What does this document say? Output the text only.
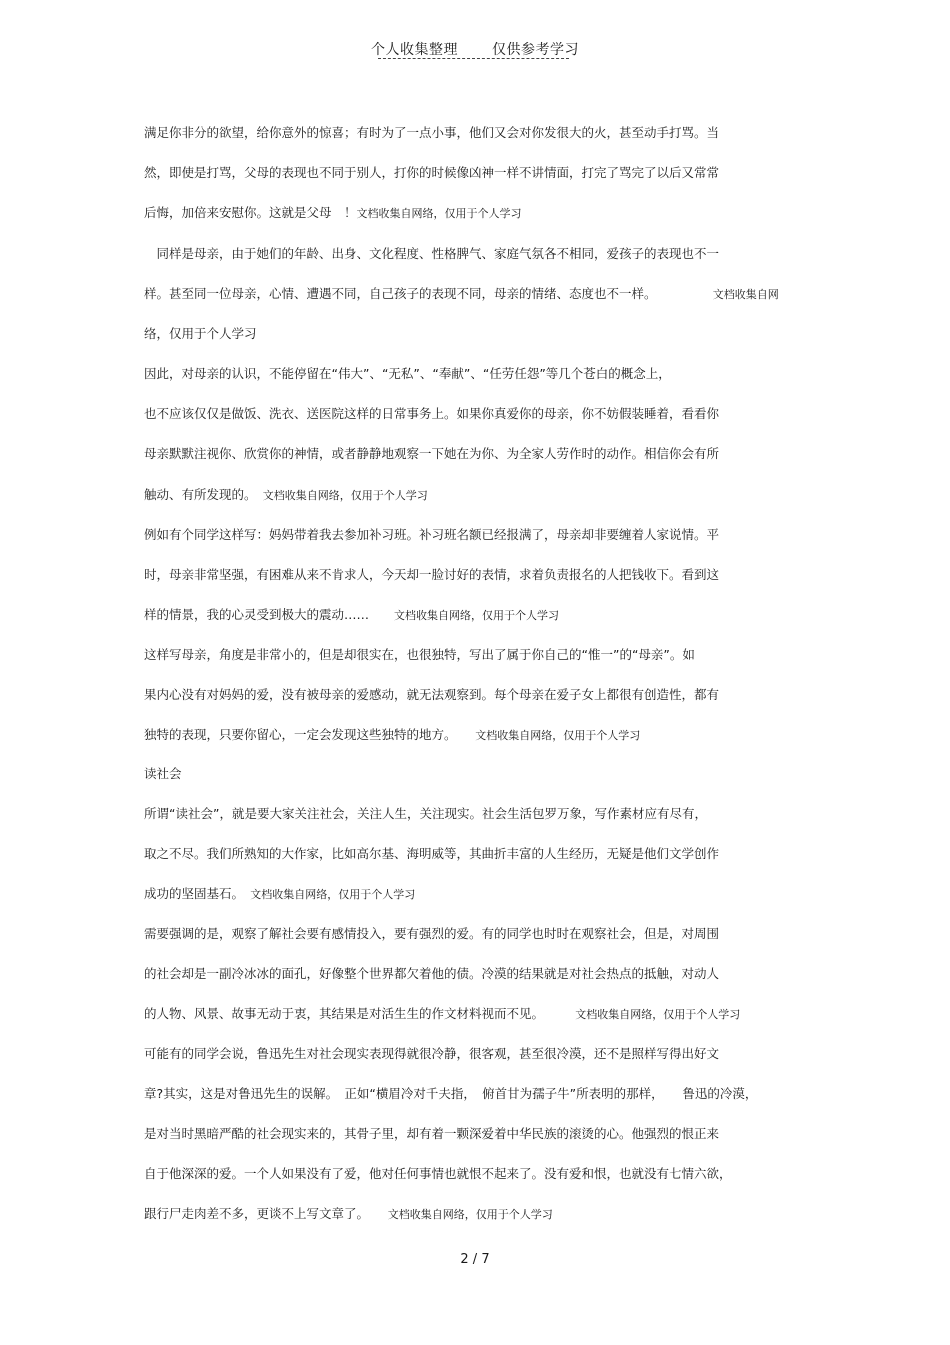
个人收集整理 仅供参考学习
满足你非分的欲望，给你意外的惊喜；有时为了一点小事，他们又会对你发很大的火，甚至动手打骂。当
然，即使是打骂，父母的表现也不同于别人，打你的时候像凶神一样不讲情面，打完了骂完了以后又常常
后悔，加倍来安慰你。这就是父母　！文档收集自网络，仅用于个人学习
　同样是母亲，由于她们的年龄、出身、文化程度、性格脾气、家庭气氛各不相同，爱孩子的表现也不一
样。甚至同一位母亲，心情、遭遇不同，自己孩子的表现不同，母亲的情绪、态度也不一样。　　　　　文档收集自网
络，仅用于个人学习
因此，对母亲的认识，不能停留在“伟大”、“无私”、“奉献”、“任劳任怨”等几个苍白的概念上，
也不应该仅仅是做饭、洗衣、送医院这样的日常事务上。如果你真爱你的母亲，你不妨假装睡着，看看你
母亲默默注视你、欣赏你的神情，或者静静地观察一下她在为你、为全家人劳作时的动作。相信你会有所
触动、有所发现的。　文档收集自网络，仅用于个人学习
例如有个同学这样写：妈妈带着我去参加补习班。补习班名额已经报满了，母亲却非要缠着人家说情。平
时，母亲非常坚强，有困难从来不肯求人，今天却一脸讨好的表情，求着负责报名的人把钱收下。看到这
样的情景，我的心灵受到极大的震动……　　文档收集自网络，仅用于个人学习
这样写母亲，角度是非常小的，但是却很实在，也很独特，写出了属于你自己的“惟一”的“母亲”。如
果内心没有对妈妈的爱，没有被母亲的爱感动，就无法观察到。每个母亲在爱子女上都很有创造性，都有
独特的表现，只要你留心，一定会发现这些独特的地方。　　文档收集自网络，仅用于个人学习
读社会
所谓“读社会”，就是要大家关注社会，关注人生，关注现实。社会生活包罗万象，写作素材应有尽有，
取之不尽。我们所熟知的大作家，比如高尔基、海明威等，其曲折丰富的人生经历，无疑是他们文学创作
成功的坚固基石。　文档收集自网络，仅用于个人学习
需要强调的是，观察了解社会要有感情投入，要有强烈的爱。有的同学也时时在观察社会，但是，对周围
的社会却是一副冷冰冰的面孔，好像整个世界都欠着他的债。冷漠的结果就是对社会热点的抵触，对动人
的人物、风景、故事无动于衷，其结果是对活生生的作文材料视而不见。　　　文档收集自网络，仅用于个人学习
可能有的同学会说，鲁迅先生对社会现实表现得就很冷静，很客观，甚至很冷漠，还不是照样写得出好文
章?其实，这是对鲁迅先生的误解。　正如“横眉冷对千夫指，　俯首甘为孺子牛”所表明的那样，　　鲁迅的冷漠，
是对当时黑暗严酷的社会现实来的，其骨子里，却有着一颗深爱着中华民族的滚烫的心。他强烈的恨正来
自于他深深的爱。一个人如果没有了爱，他对任何事情也就恨不起来了。没有爱和恨，也就没有七情六欲，
跟行尸走肉差不多，更谈不上写文章了。　　文档收集自网络，仅用于个人学习
2 / 7
